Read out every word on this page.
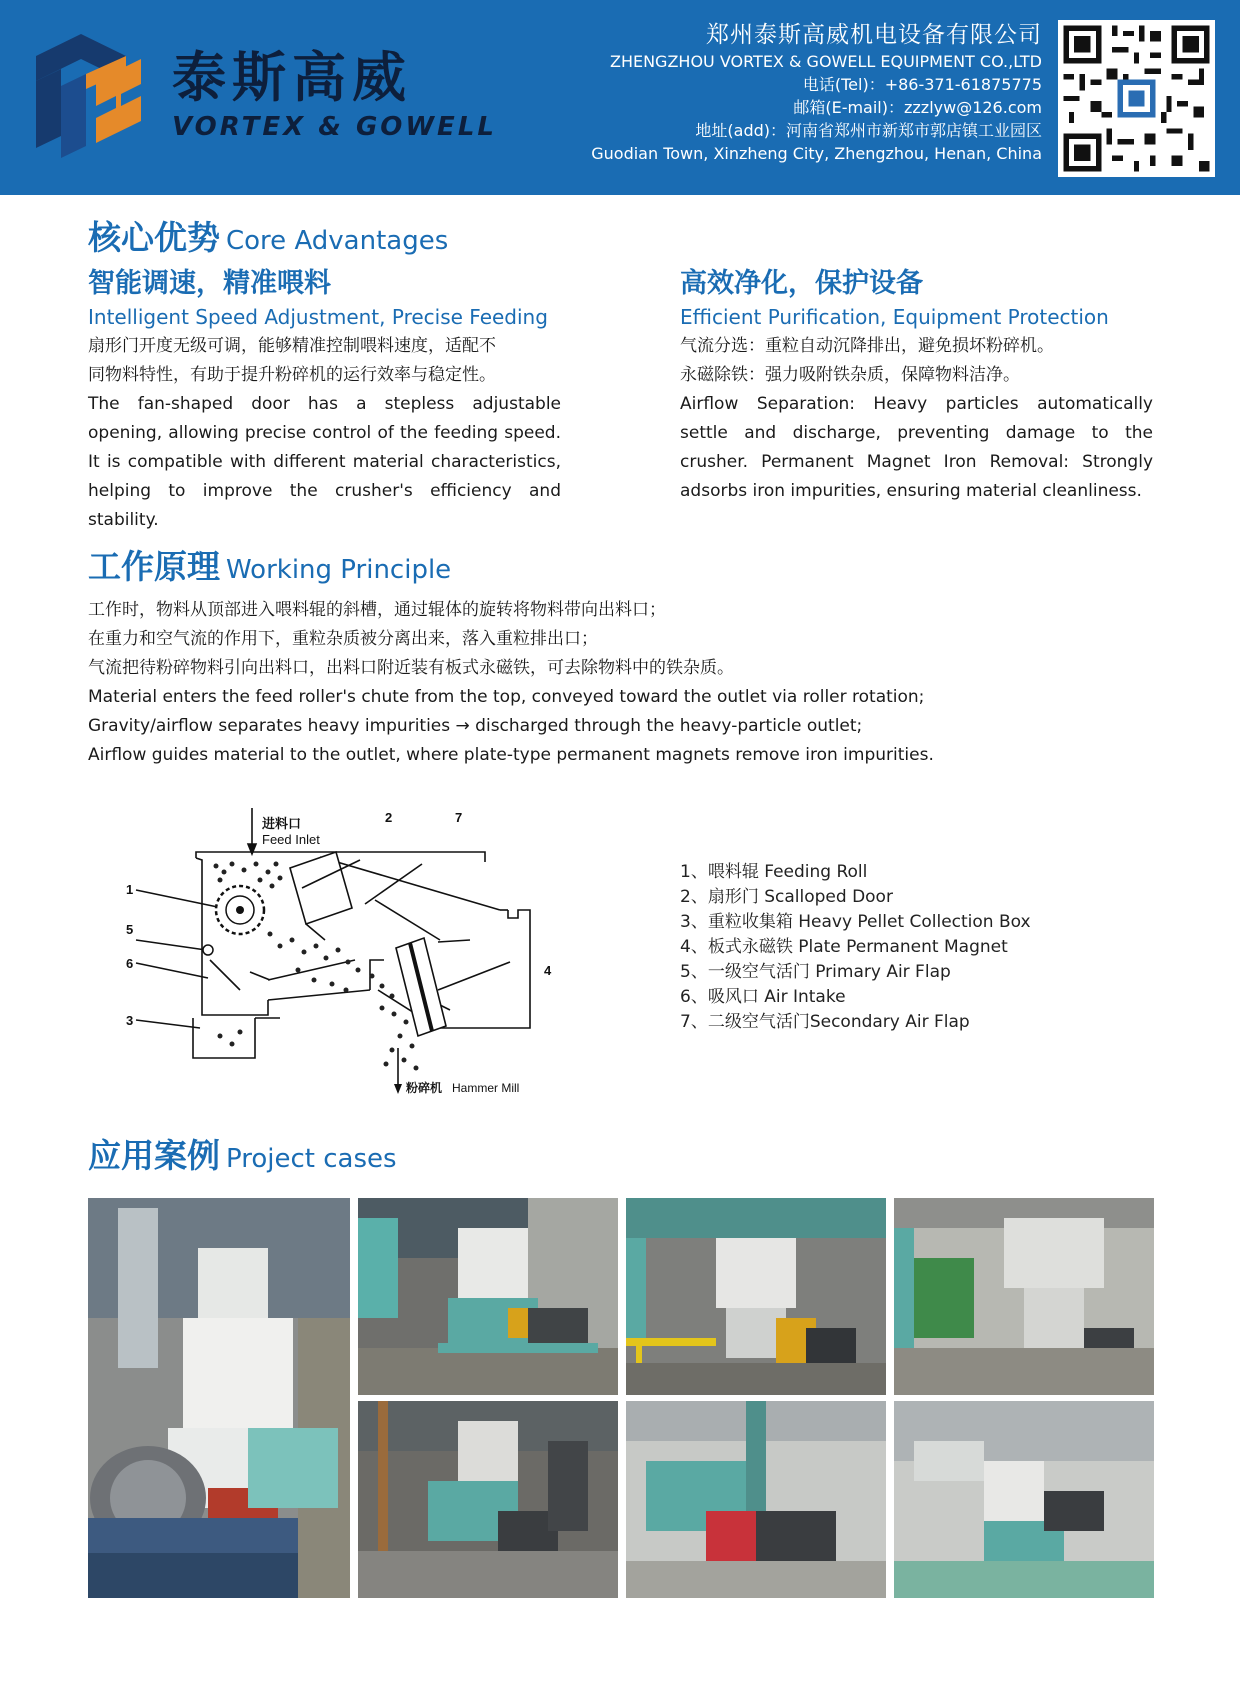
泰斯高威
VORTEX & GOWELL
郑州泰斯高威机电设备有限公司
ZHENGZHOU VORTEX & GOWELL EQUIPMENT CO.,LTD
电话(Tel)：+86-371-61875775
邮箱(E-mail)：zzzlyw@126.com
地址(add)：河南省郑州市新郑市郭店镇工业园区
Guodian Town, Xinzheng City, Zhengzhou, Henan, China
核心优势 Core Advantages
智能调速，精准喂料
Intelligent Speed Adjustment, Precise Feeding
扇形门开度无级可调，能够精准控制喂料速度，适配不
同物料特性，有助于提升粉碎机的运行效率与稳定性。
The fan-shaped door has a stepless adjustable opening, allowing precise control of the feeding speed. It is compatible with different material characteristics, helping to improve the crusher's efficiency and stability.
高效净化，保护设备
Efficient Purification, Equipment Protection
气流分选：重粒自动沉降排出，避免损坏粉碎机。
永磁除铁：强力吸附铁杂质，保障物料洁净。
Airflow Separation: Heavy particles automatically settle and discharge, preventing damage to the crusher. Permanent Magnet Iron Removal: Strongly adsorbs iron impurities, ensuring material cleanliness.
工作原理 Working Principle
工作时，物料从顶部进入喂料辊的斜槽，通过辊体的旋转将物料带向出料口；
在重力和空气流的作用下，重粒杂质被分离出来，落入重粒排出口；
气流把待粉碎物料引向出料口，出料口附近装有板式永磁铁，可去除物料中的铁杂质。
Material enters the feed roller's chute from the top, conveyed toward the outlet via roller rotation;
Gravity/airflow separates heavy impurities → discharged through the heavy-particle outlet;
Airflow guides material to the outlet, where plate-type permanent magnets remove iron impurities.
1
2
3
4
5
6
7
进料口
Feed Inlet
粉碎机 Hammer Mill
1、喂料辊 Feeding Roll
2、扇形门 Scalloped Door
3、重粒收集箱 Heavy Pellet Collection Box
4、板式永磁铁 Plate Permanent Magnet
5、一级空气活门 Primary Air Flap
6、吸风口 Air Intake
7、二级空气活门Secondary Air Flap
应用案例 Project cases
